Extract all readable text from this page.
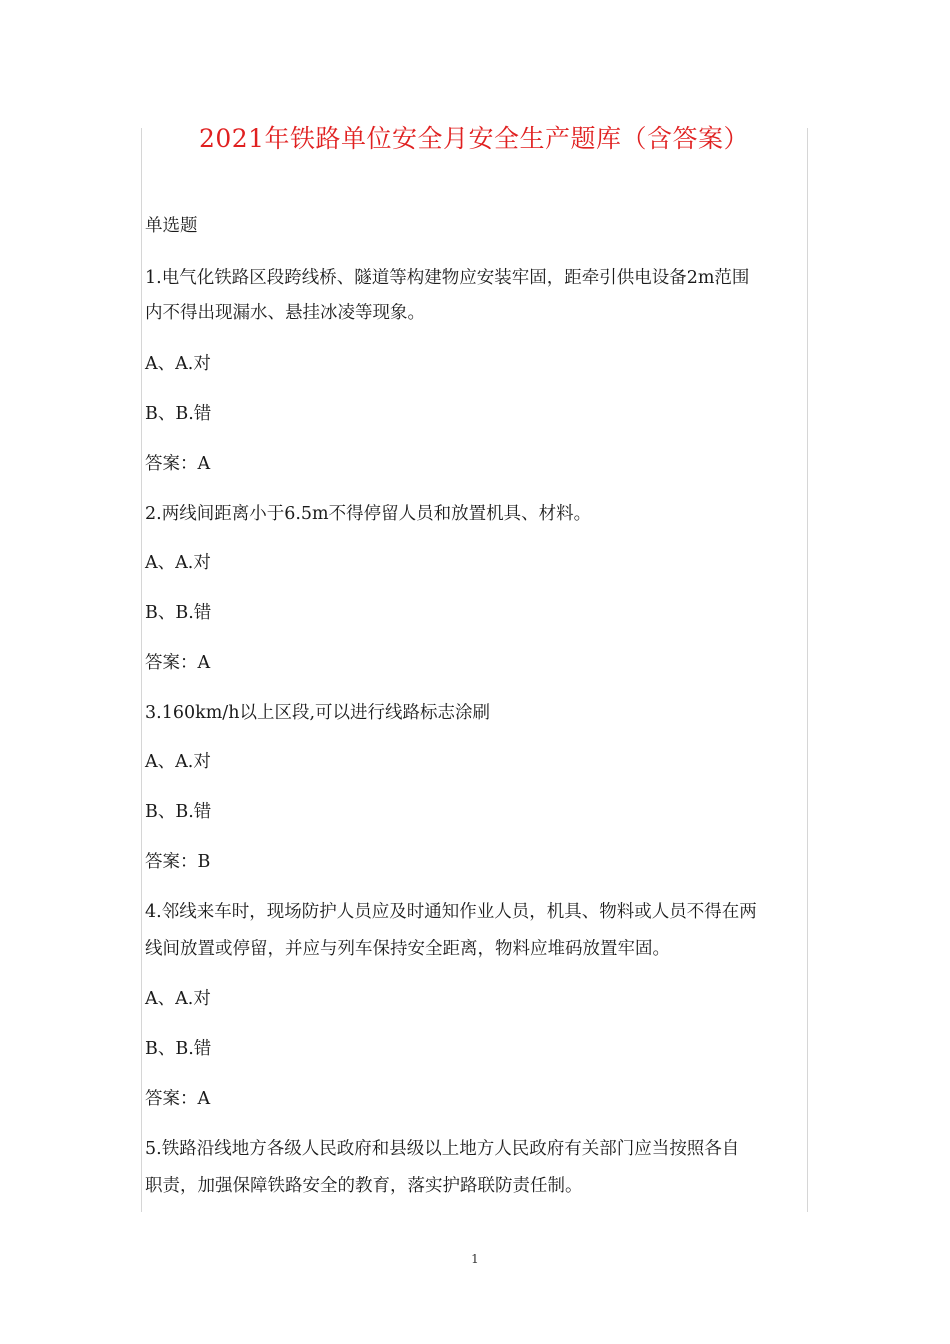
2021年铁路单位安全月安全生产题库（含答案）
单选题
1.电气化铁路区段跨线桥、隧道等构建物应安装牢固，距牵引供电设备2m范围
内不得出现漏水、悬挂冰凌等现象。
A、A.对
B、B.错
答案：A
2.两线间距离小于6.5m不得停留人员和放置机具、材料。
A、A.对
B、B.错
答案：A
3.160km/h以上区段,可以进行线路标志涂刷
A、A.对
B、B.错
答案：B
4.邻线来车时，现场防护人员应及时通知作业人员，机具、物料或人员不得在两
线间放置或停留，并应与列车保持安全距离，物料应堆码放置牢固。
A、A.对
B、B.错
答案：A
5.铁路沿线地方各级人民政府和县级以上地方人民政府有关部门应当按照各自
职责，加强保障铁路安全的教育，落实护路联防责任制。
1
